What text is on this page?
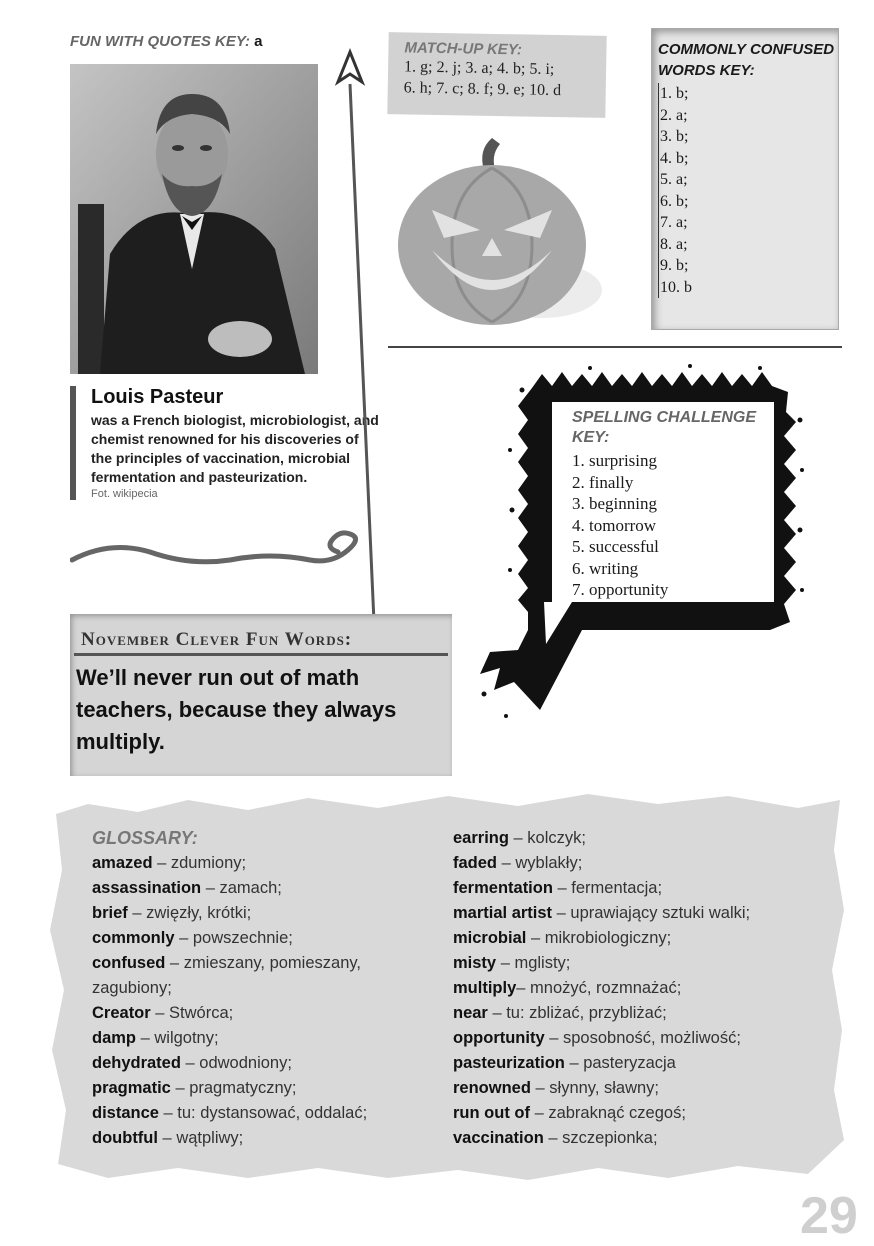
FUN WITH QUOTES KEY: a
Louis Pasteur
was a French biologist, microbiologist, and chemist renowned for his discoveries of the principles of vaccination, microbial fermentation and pasteurization.
Fot. wikipecia
MATCH-UP KEY:
1. g; 2. j; 3. a; 4. b; 5. i;
6. h; 7. c; 8. f; 9. e; 10. d
COMMONLY CONFUSED WORDS KEY:
1. b;
2. a;
3. b;
4. b;
5. a;
6. b;
7. a;
8. a;
9. b;
10. b
SPELLING CHALLENGE KEY:
1. surprising
2. finally
3. beginning
4. tomorrow
5. successful
6. writing
7. opportunity
November Clever Fun Words:
We’ll never run out of math teachers, because they always multiply.
GLOSSARY:
amazed – zdumiony;
assassination – zamach;
brief – zwięzły, krótki;
commonly – powszechnie;
confused – zmieszany, pomieszany, zagubiony;
Creator – Stwórca;
damp – wilgotny;
dehydrated – odwodniony;
pragmatic – pragmatyczny;
distance – tu: dystansować, oddalać;
doubtful – wątpliwy;
earring – kolczyk;
faded – wyblakły;
fermentation – fermentacja;
martial artist – uprawiający sztuki walki;
microbial – mikrobiologiczny;
misty – mglisty;
multiply– mnożyć, rozmnażać;
near – tu: zbliżać, przybliżać;
opportunity – sposobność, możliwość;
pasteurization – pasteryzacja
renowned – słynny, sławny;
run out of – zabraknąć czegoś;
vaccination – szczepionka;
29
